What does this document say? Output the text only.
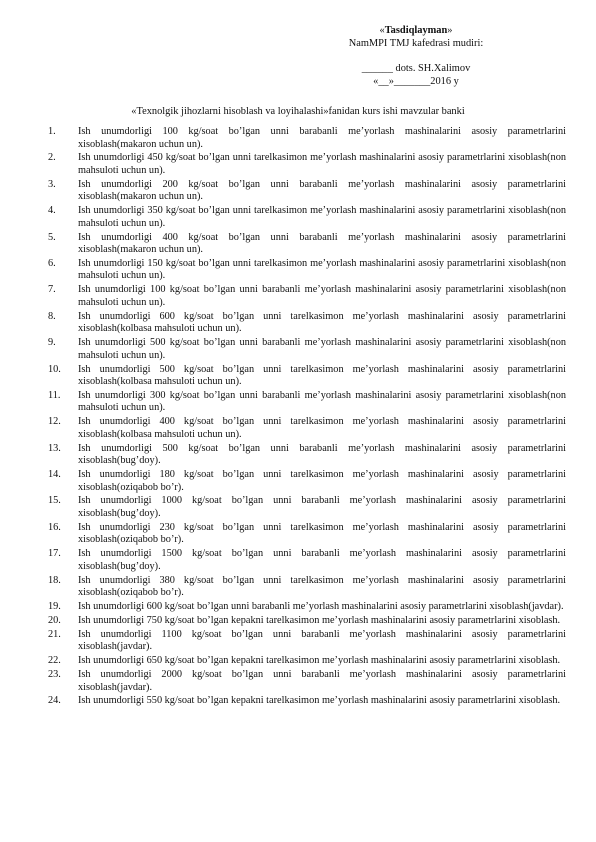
«Tasdiqlayman»
NamMPI TMJ kafedrasi mudiri:
______ dots. SH.Xalimov
«__»_______2016 y
«Texnolgik jihozlarni hisoblash va loyihalashi»fanidan kurs ishi mavzular banki
1.	Ish unumdorligi 100 kg/soat bo’lgan unni barabanli me’yorlash mashinalarini asosiy parametrlarini xisoblash(makaron uchun un).
2.	Ish unumdorligi 450 kg/soat bo’lgan unni tarelkasimon me’yorlash mashinalarini asosiy parametrlarini xisoblash(non mahsuloti uchun un).
3.	Ish unumdorligi 200 kg/soat bo’lgan unni barabanli me’yorlash mashinalarini asosiy parametrlarini xisoblash(makaron uchun un).
4.	Ish unumdorligi 350 kg/soat bo’lgan unni tarelkasimon me’yorlash mashinalarini asosiy parametrlarini xisoblash(non mahsuloti uchun un).
5.	Ish unumdorligi 400 kg/soat bo’lgan unni barabanli me’yorlash mashinalarini asosiy parametrlarini xisoblash(makaron uchun un).
6.	Ish unumdorligi 150 kg/soat bo’lgan unni tarelkasimon me’yorlash mashinalarini asosiy parametrlarini xisoblash(non mahsuloti uchun un).
7.	Ish unumdorligi 100 kg/soat bo’lgan unni barabanli me’yorlash mashinalarini asosiy parametrlarini xisoblash(non mahsuloti uchun un).
8.	Ish unumdorligi 600 kg/soat bo’lgan unni tarelkasimon me’yorlash mashinalarini asosiy parametrlarini xisoblash(kolbasa mahsuloti uchun un).
9.	Ish unumdorligi 500 kg/soat bo’lgan unni barabanli me’yorlash mashinalarini asosiy parametrlarini xisoblash(non mahsuloti uchun un).
10.	Ish unumdorligi 500 kg/soat bo’lgan unni tarelkasimon me’yorlash mashinalarini asosiy parametrlarini xisoblash(kolbasa mahsuloti uchun un).
11.	Ish unumdorligi 300 kg/soat bo’lgan unni barabanli me’yorlash mashinalarini asosiy parametrlarini xisoblash(non mahsuloti uchun un).
12.	Ish unumdorligi 400 kg/soat bo’lgan unni tarelkasimon me’yorlash mashinalarini asosiy parametrlarini xisoblash(kolbasa mahsuloti uchun un).
13.	Ish unumdorligi 500 kg/soat bo’lgan unni barabanli me’yorlash mashinalarini asosiy parametrlarini xisoblash(bug’doy).
14.	Ish unumdorligi 180 kg/soat bo’lgan unni tarelkasimon me’yorlash mashinalarini asosiy parametrlarini xisoblash(oziqabob bo’r).
15.	Ish unumdorligi 1000 kg/soat bo’lgan unni barabanli me’yorlash mashinalarini asosiy parametrlarini xisoblash(bug’doy).
16.	Ish unumdorligi 230 kg/soat bo’lgan unni tarelkasimon me’yorlash mashinalarini asosiy parametrlarini xisoblash(oziqabob bo’r).
17.	Ish unumdorligi 1500 kg/soat bo’lgan unni barabanli me’yorlash mashinalarini asosiy parametrlarini xisoblash(bug’doy).
18.	Ish unumdorligi 380 kg/soat bo’lgan unni tarelkasimon me’yorlash mashinalarini asosiy parametrlarini xisoblash(oziqabob bo’r).
19.	Ish unumdorligi 600 kg/soat bo’lgan unni barabanli me’yorlash mashinalarini asosiy parametrlarini xisoblash(javdar).
20.	Ish unumdorligi 750 kg/soat bo’lgan kepakni tarelkasimon me’yorlash mashinalarini asosiy parametrlarini xisoblash.
21.	Ish unumdorligi 1100 kg/soat bo’lgan unni barabanli me’yorlash mashinalarini asosiy parametrlarini xisoblash(javdar).
22.	Ish unumdorligi 650 kg/soat bo’lgan kepakni tarelkasimon me’yorlash mashinalarini asosiy parametrlarini xisoblash.
23.	Ish unumdorligi 2000 kg/soat bo’lgan unni barabanli me’yorlash mashinalarini asosiy parametrlarini xisoblash(javdar).
24.	Ish unumdorligi 550 kg/soat bo’lgan kepakni tarelkasimon me’yorlash mashinalarini asosiy parametrlarini xisoblash.
